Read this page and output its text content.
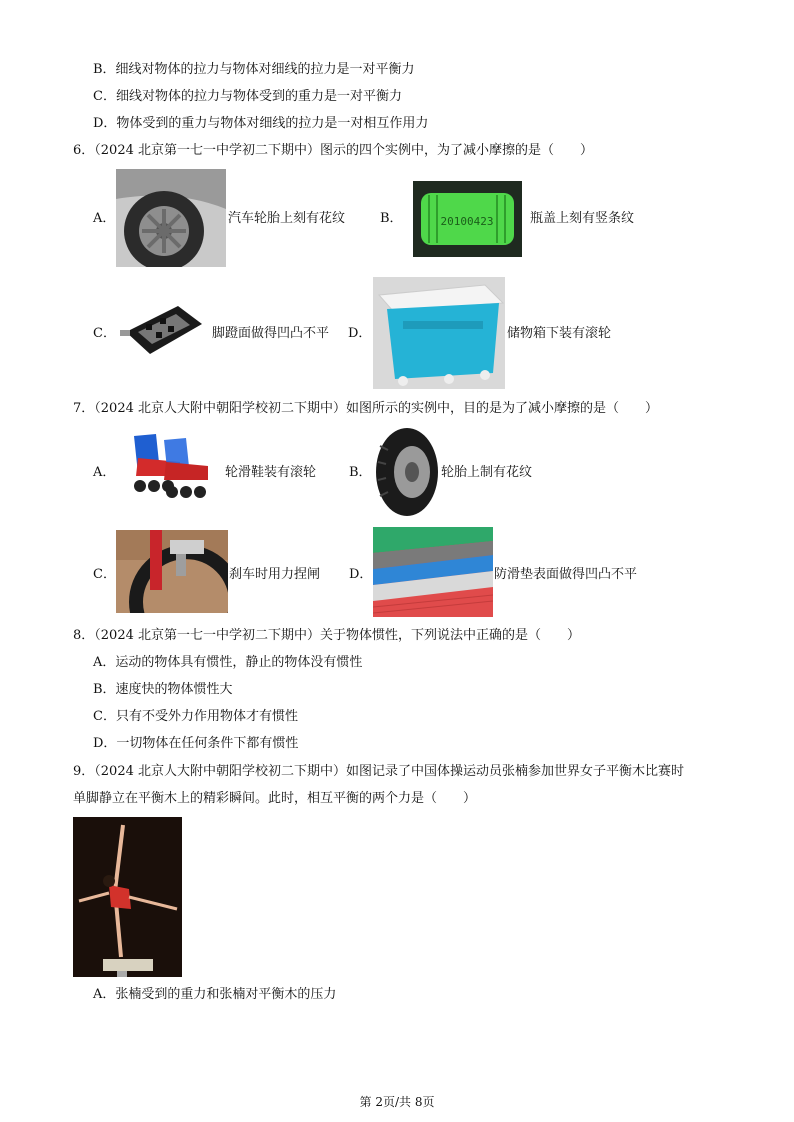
B．细线对物体的拉力与物体对细线的拉力是一对平衡力
C．细线对物体的拉力与物体受到的重力是一对平衡力
D．物体受到的重力与物体对细线的拉力是一对相互作用力
6．（2024 北京第一七一中学初二下期中）图示的四个实例中，为了减小摩擦的是（　　）
A．	汽车轮胎上刻有花纹	B．	20100423	瓶盖上刻有竖条纹
C．	脚蹬面做得凹凸不平 D．	储物箱下装有滚轮
7．（2024 北京人大附中朝阳学校初二下期中）如图所示的实例中，目的是为了减小摩擦的是（　　）
A．	轮滑鞋装有滚轮	B．	轮胎上制有花纹
C．	刹车时用力捏闸 D．	防滑垫表面做得凹凸不平
8．（2024 北京第一七一中学初二下期中）关于物体惯性，下列说法中正确的是（　　）
A．运动的物体具有惯性，静止的物体没有惯性
B．速度快的物体惯性大
C．只有不受外力作用物体才有惯性
D．一切物体在任何条件下都有惯性
9．（2024 北京人大附中朝阳学校初二下期中）如图记录了中国体操运动员张楠参加世界女子平衡木比赛时
单脚静立在平衡木上的精彩瞬间。此时，相互平衡的两个力是（　　）
A．张楠受到的重力和张楠对平衡木的压力
第 2页/共 8页
